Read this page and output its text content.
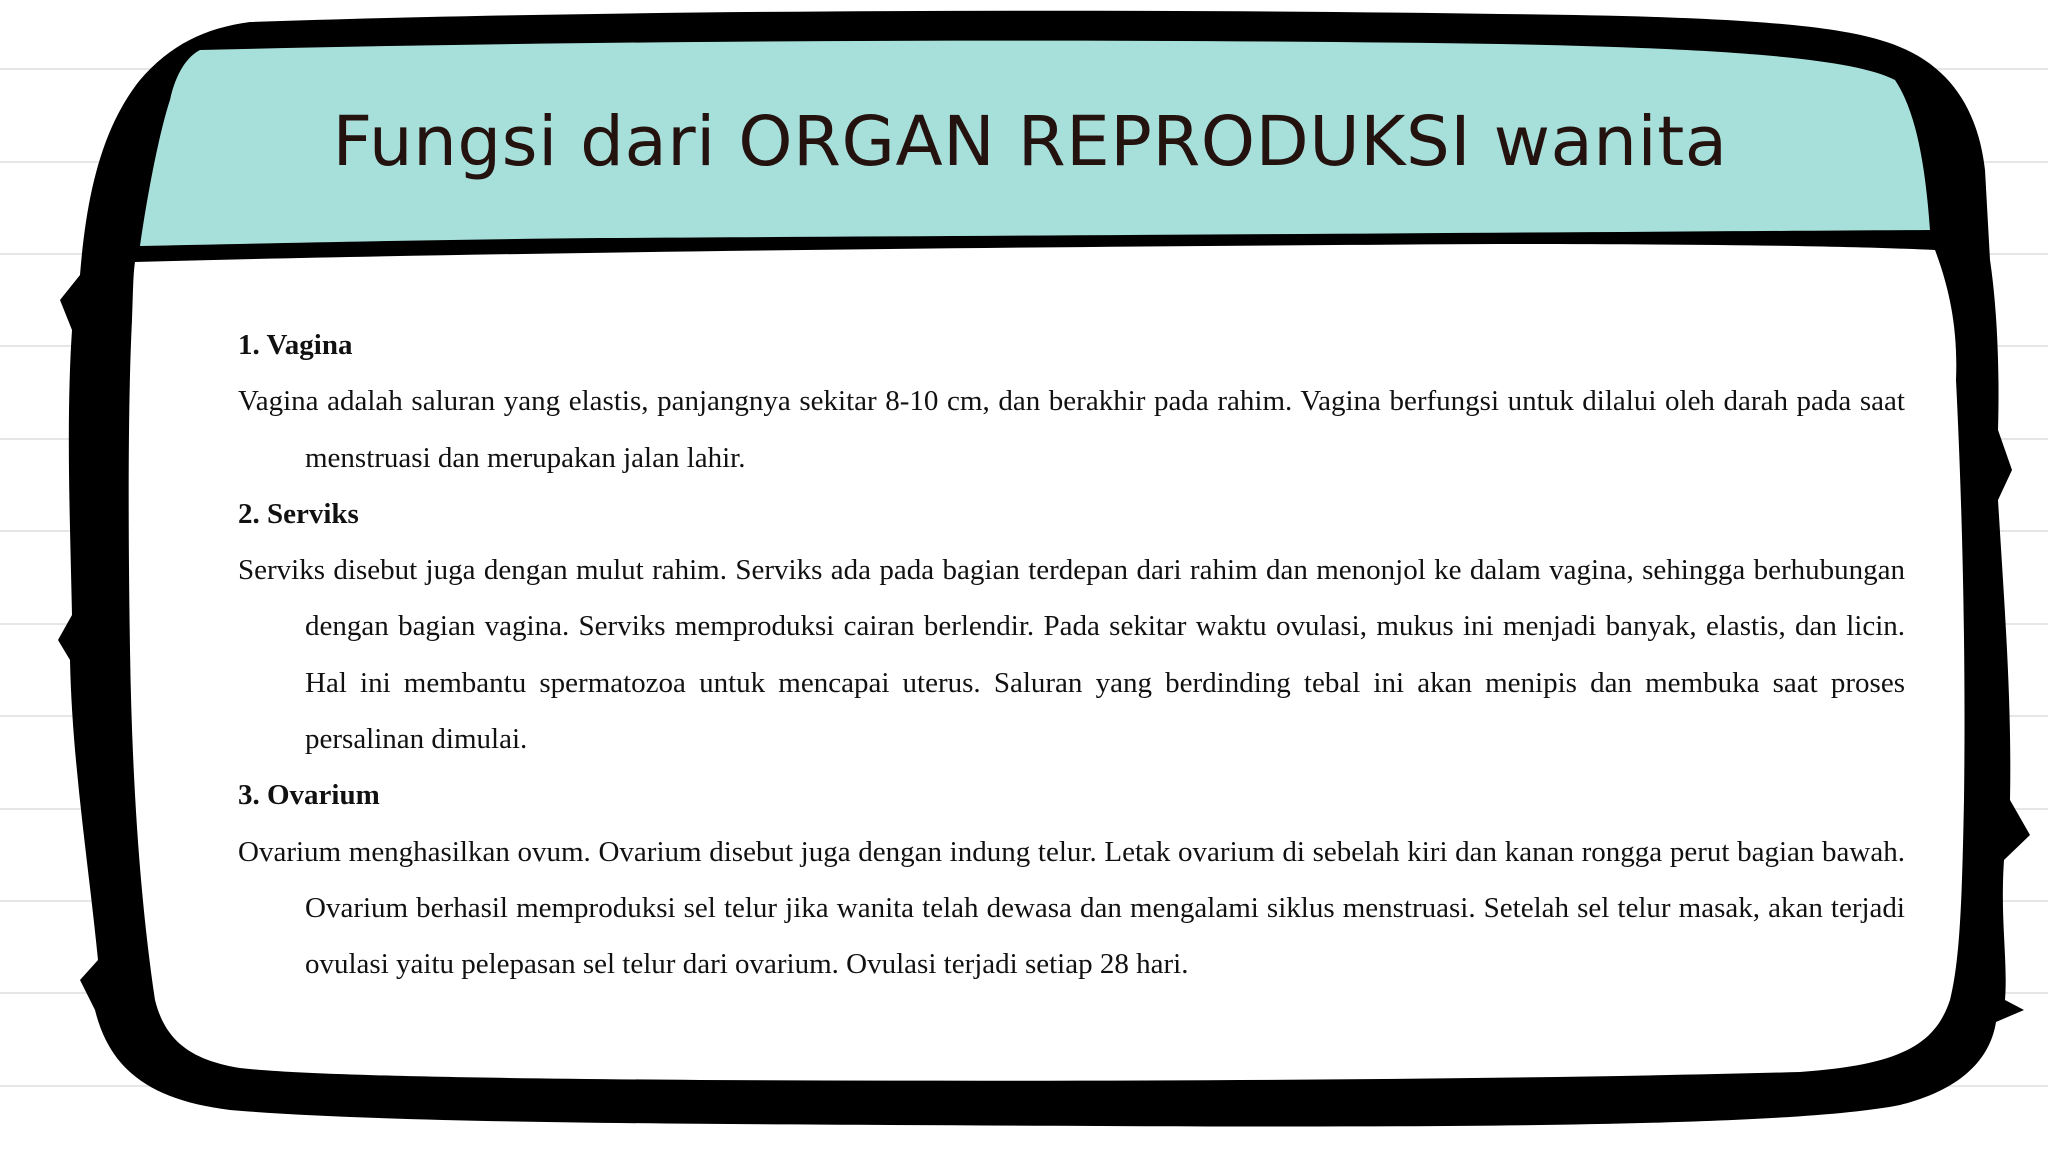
Fungsi dari ORGAN REPRODUKSI wanita

1. Vagina

Vagina adalah saluran yang elastis, panjangnya sekitar 8-10 cm, dan berakhir pada rahim. Vagina berfungsi untuk dilalui oleh darah pada saat menstruasi dan merupakan jalan lahir.

2. Serviks

Serviks disebut juga dengan mulut rahim. Serviks ada pada bagian terdepan dari rahim dan menonjol ke dalam vagina, sehingga berhubungan dengan bagian vagina. Serviks memproduksi cairan berlendir. Pada sekitar waktu ovulasi, mukus ini menjadi banyak, elastis, dan licin. Hal ini membantu spermatozoa untuk mencapai uterus. Saluran yang berdinding tebal ini akan menipis dan membuka saat proses persalinan dimulai.

3. Ovarium

Ovarium menghasilkan ovum. Ovarium disebut juga dengan indung telur. Letak ovarium di sebelah kiri dan kanan rongga perut bagian bawah. Ovarium berhasil memproduksi sel telur jika wanita telah dewasa dan mengalami siklus menstruasi. Setelah sel telur masak, akan terjadi ovulasi yaitu pelepasan sel telur dari ovarium. Ovulasi terjadi setiap 28 hari.
